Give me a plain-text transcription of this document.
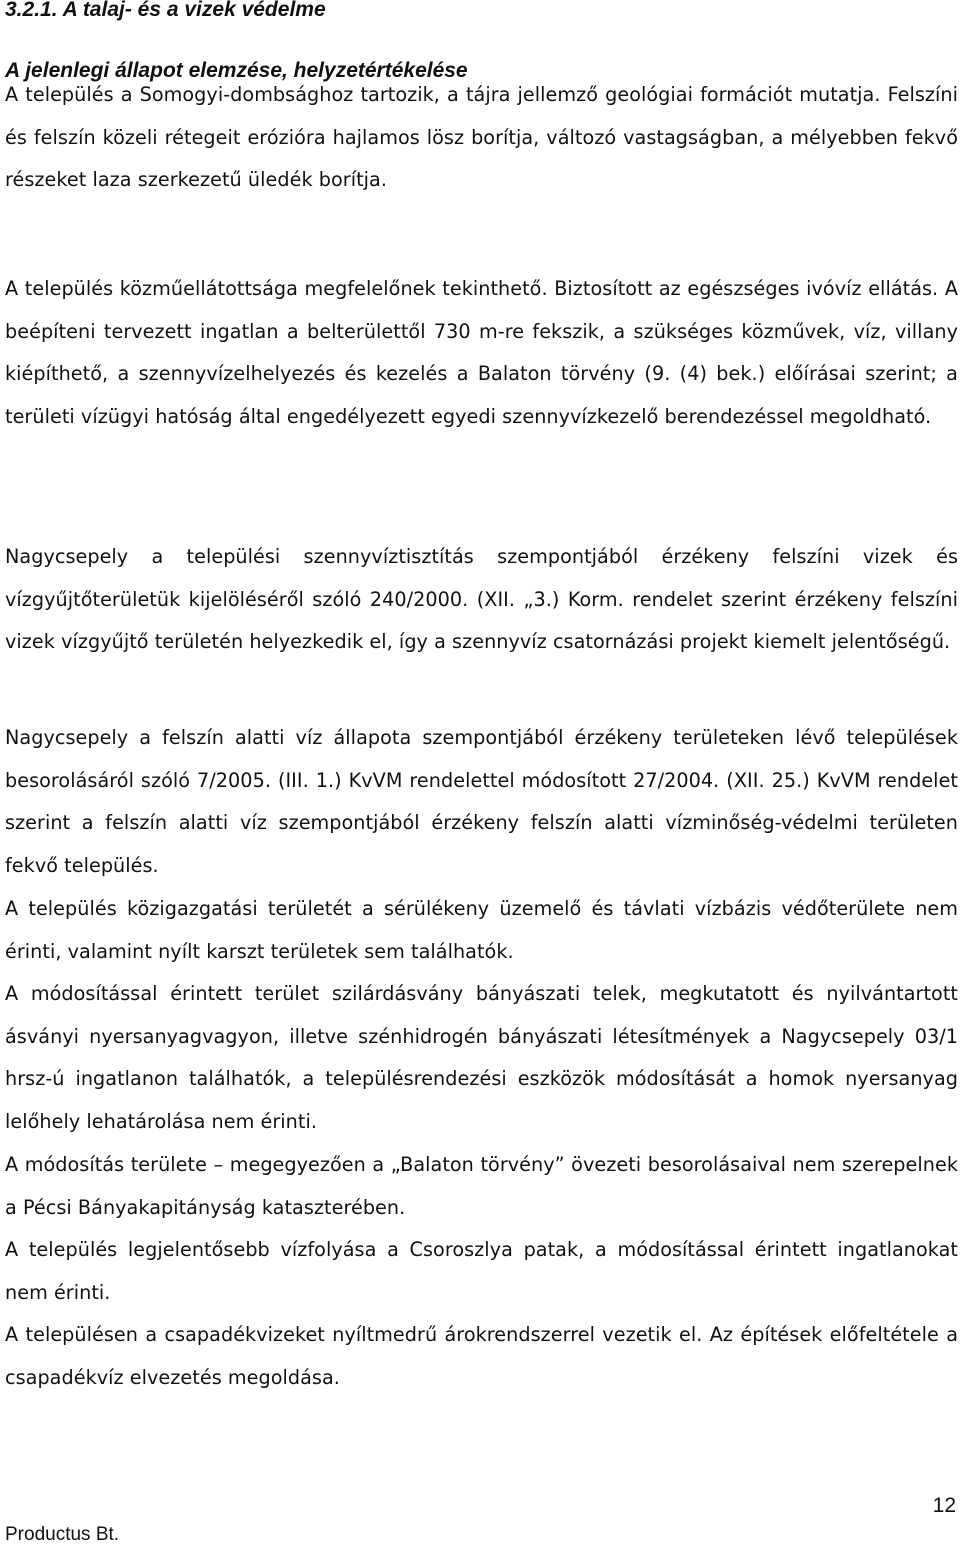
3.2.1. A talaj- és a vizek védelme
A jelenlegi állapot elemzése, helyzetértékelése

A település a Somogyi-dombsághoz tartozik, a tájra jellemző geológiai formációt mutatja. Felszíni és felszín közeli rétegeit erózióra hajlamos lösz borítja, változó vastagságban, a mélyebben fekvő részeket laza szerkezetű üledék borítja.

A település közműellátottsága megfelelőnek tekinthető. Biztosított az egészséges ivóvíz ellátás. A beépíteni tervezett ingatlan a belterülettől 730 m-re fekszik, a szükséges közművek, víz, villany kiépíthető, a szennyvízelhelyezés és kezelés a Balaton törvény (9. (4) bek.) előírásai szerint; a területi vízügyi hatóság által engedélyezett egyedi szennyvízkezelő berendezéssel megoldható.

Nagycsepely a települési szennyvíztisztítás szempontjából érzékeny felszíni vizek és vízgyűjtőterületük kijelöléséről szóló 240/2000. (XII. „3.) Korm. rendelet szerint érzékeny felszíni vizek vízgyűjtő területén helyezkedik el, így a szennyvíz csatornázási projekt kiemelt jelentőségű.

Nagycsepely a felszín alatti víz állapota szempontjából érzékeny területeken lévő települések besorolásáról szóló 7/2005. (III. 1.) KvVM rendelettel módosított 27/2004. (XII. 25.) KvVM rendelet szerint a felszín alatti víz szempontjából érzékeny felszín alatti vízminőség-védelmi területen fekvő település.

A település közigazgatási területét a sérülékeny üzemelő és távlati vízbázis védőterülete nem érinti, valamint nyílt karszt területek sem találhatók.

A módosítással érintett terület szilárdásvány bányászati telek, megkutatott és nyilvántartott ásványi nyersanyagvagyon, illetve szénhidrogén bányászati létesítmények a Nagycsepely 03/1 hrsz-ú ingatlanon találhatók, a településrendezési eszközök módosítását a homok nyersanyag lelőhely lehatárolása nem érinti.

A módosítás területe – megegyezően a „Balaton törvény” övezeti besorolásaival nem szerepelnek a Pécsi Bányakapitányság kataszterében.

A település legjelentősebb vízfolyása a Csoroszlya patak, a módosítással érintett ingatlanokat nem érinti.

A településen a csapadékvizeket nyíltmedrű árokrendszerrel vezetik el. Az építések előfeltétele a csapadékvíz elvezetés megoldása.

Productus Bt.
12
